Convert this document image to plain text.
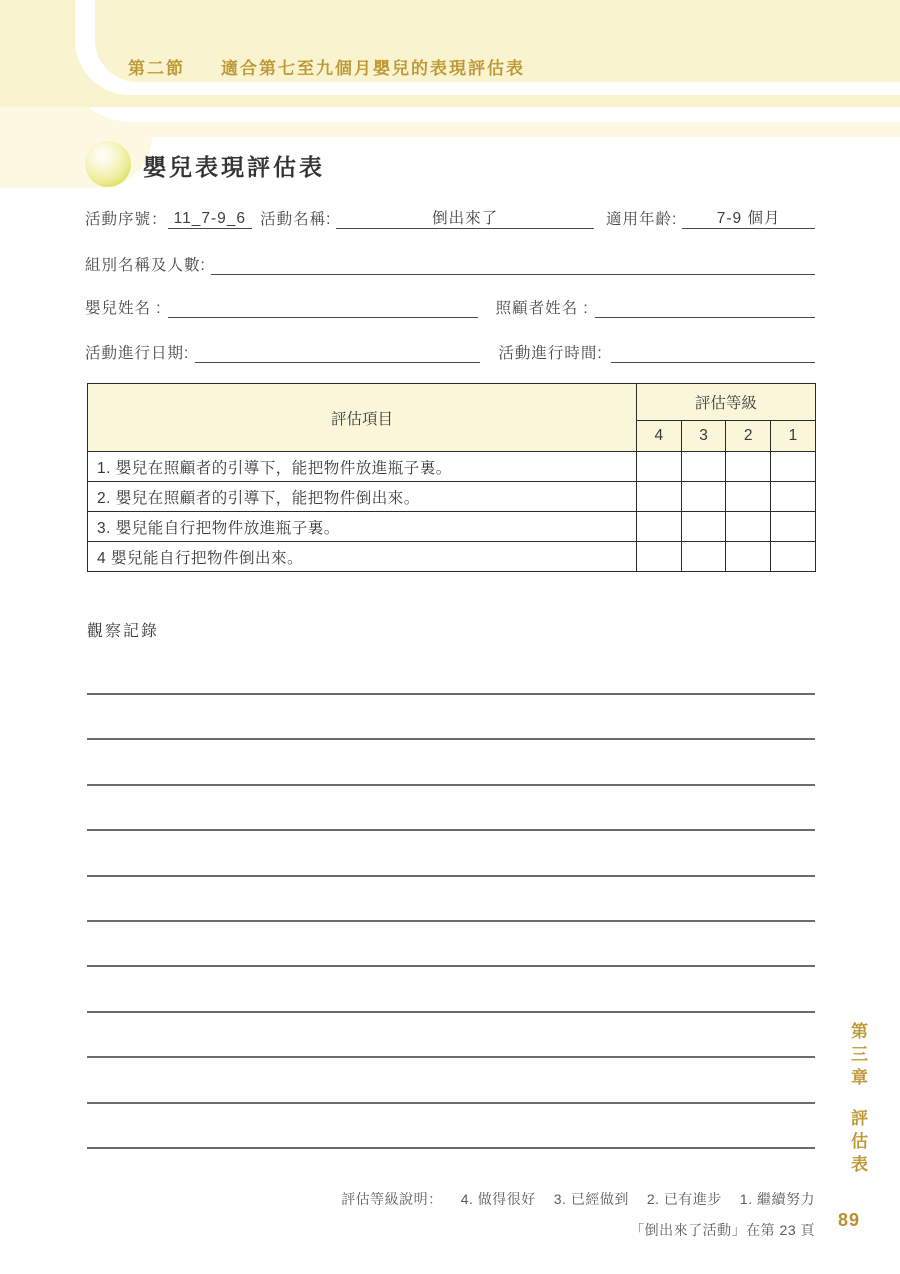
第二節 適合第七至九個月嬰兒的表現評估表
嬰兒表現評估表
活動序號： 11_7-9_6 活動名稱:	倒出來了	適用年齡:	7-9 個月
組別名稱及人數:
嬰兒姓名 :	照顧者姓名 :
活動進行日期:	活動進行時間:
評估項目	評估等級			
	4	3	2	1
1. 嬰兒在照顧者的引導下，能把物件放進瓶子裏。				
2. 嬰兒在照顧者的引導下，能把物件倒出來。				
3. 嬰兒能自行把物件放進瓶子裏。				
4 嬰兒能自行把物件倒出來。				
觀察記錄
第三章
評估表
89
評估等級說明： 4. 做得很好 3. 已經做到 2. 已有進步 1. 繼續努力
「倒出來了活動」在第 23 頁
